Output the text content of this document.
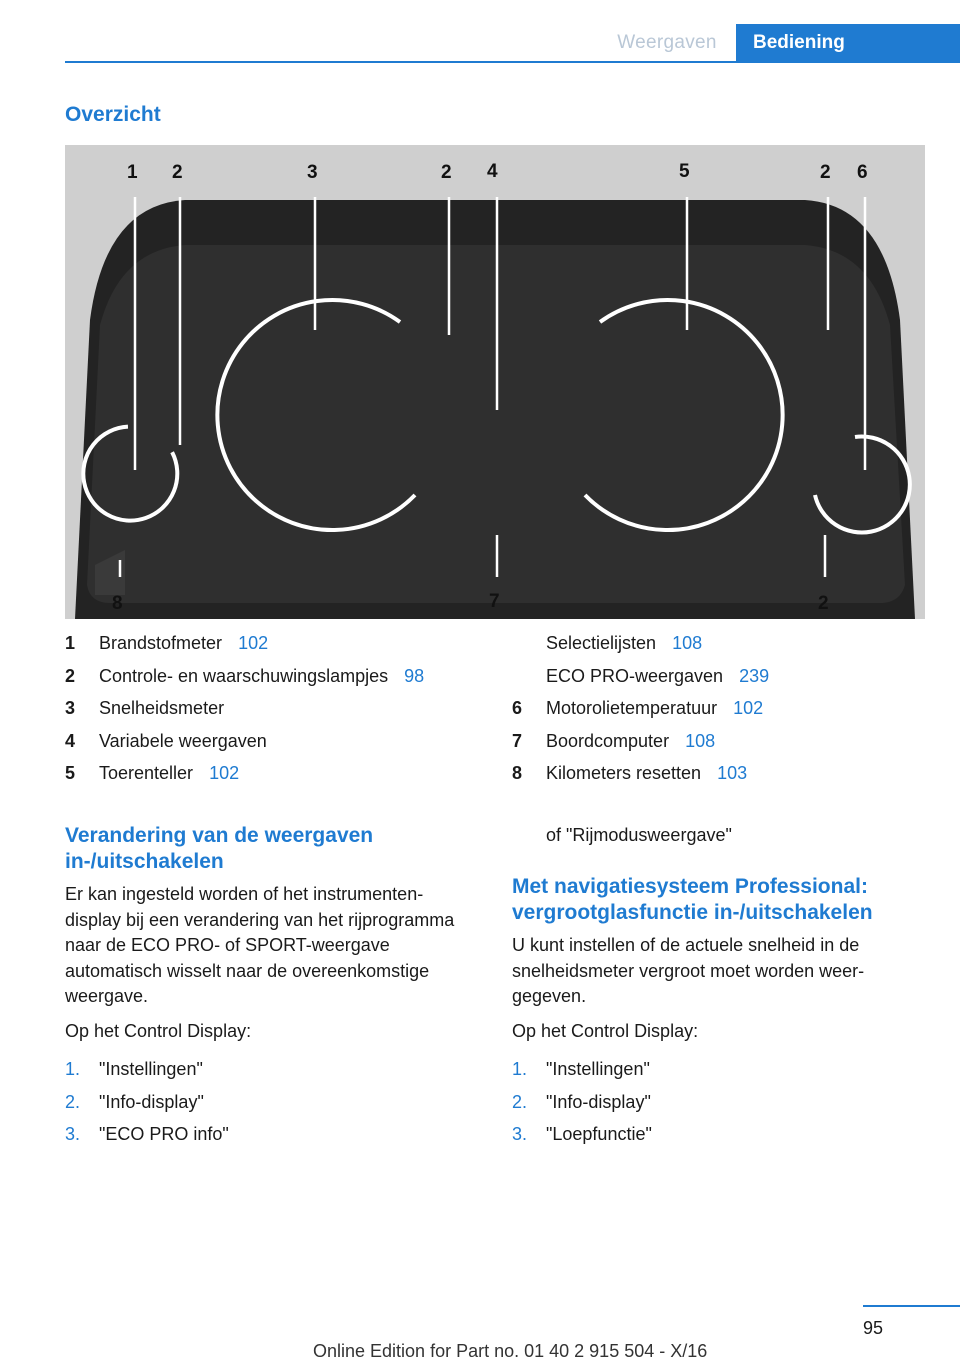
Weergaven	Bediening
Overzicht
1 2	3	2 4	5	2 6
8	7	2
1	Brandstofmeter 102
2	Controle- en waarschuwingslampjes 98
3	Snelheidsmeter
4	Variabele weergaven
5	Toerenteller 102
Selectielijsten 108
ECO PRO-weergaven 239
6	Motorolietemperatuur 102
7	Boordcomputer 108
8	Kilometers resetten 103

Verandering van de weergaven in-/uitschakelen

Er kan ingesteld worden of het instrumentendisplay bij een verandering van het rijprogramma naar de ECO PRO- of SPORT-weergave automatisch wisselt naar de overeenkomstige weergave.

Op het Control Display:

1.	"Instellingen"
2.	"Info-display"
3.	"ECO PRO info"
of "Rijmodusweergave"

Met navigatiesysteem Professional: vergrootglasfunctie in-/uitschakelen

U kunt instellen of de actuele snelheid in de snelheidsmeter vergroot moet worden weergegeven.

Op het Control Display:

1.	"Instellingen"
2.	"Info-display"
3.	"Loepfunctie"
95
Online Edition for Part no. 01 40 2 915 504 - X/16
